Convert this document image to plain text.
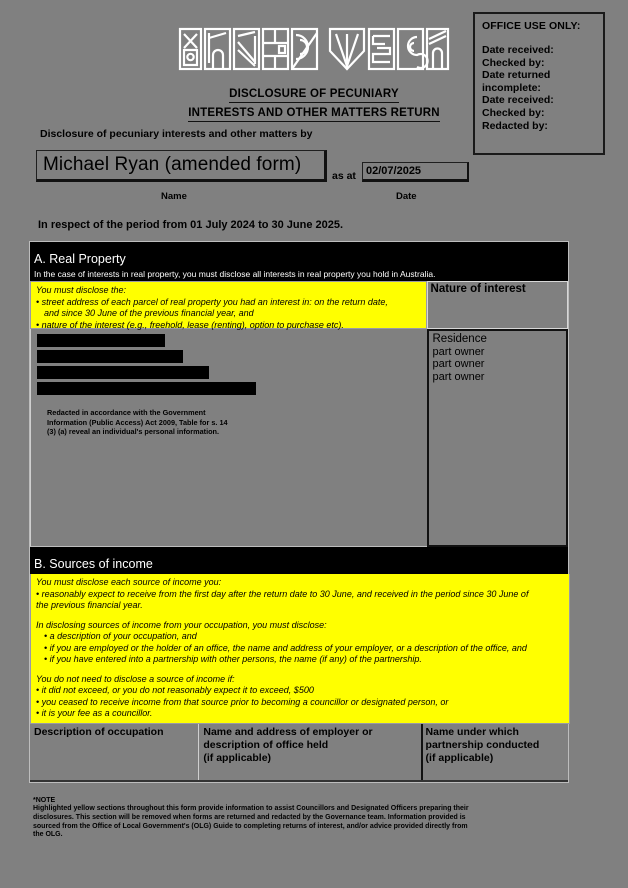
OFFICE USE ONLY:
Date received:
Checked by:
Date returned
incomplete:
Date received:
Checked by:
Redacted by:
DISCLOSURE OF PECUNIARY
INTERESTS AND OTHER MATTERS RETURN
Disclosure of pecuniary interests and other matters by
Michael Ryan (amended form)
as at 02/07/2025
Name	Date
In respect of the period from 01 July 2024 to 30 June 2025.
A. Real Property
In the case of interests in real property, you must disclose all interests in real property you hold in Australia.

You must disclose the:

• street address of each parcel of real property you had an interest in: on the return date,

and since 30 June of the previous financial year, and

• nature of the interest (e.g., freehold, lease (renting), option to purchase etc).

Nature of interest
Redacted in accordance with the Government
Information (Public Access) Act 2009, Table for s. 14
(3) (a) reveal an individual's personal information.
Residence
part owner
part owner
part owner
B. Sources of income

You must disclose each source of income you:

• reasonably expect to receive from the first day after the return date to 30 June, and received in the period since 30 June of

the previous financial year.

In disclosing sources of income from your occupation, you must disclose:

• a description of your occupation, and

• if you are employed or the holder of an office, the name and address of your employer, or a description of the office, and

• if you have entered into a partnership with other persons, the name (if any) of the partnership.

You do not need to disclose a source of income if:

• it did not exceed, or you do not reasonably expect it to exceed, $500

• you ceased to receive income from that source prior to becoming a councillor or designated person, or

• it is your fee as a councillor.

Description of occupation	Name and address of employer or
description of office held
(if applicable)
Name under which
partnership conducted
(if applicable)
*NOTE
Highlighted yellow sections throughout this form provide information to assist Councillors and Designated Officers preparing their
disclosures. This section will be removed when forms are returned and redacted by the Governance team. Information provided is
sourced from the Office of Local Government's (OLG) Guide to completing returns of interest, and/or advice provided directly from
the OLG.
